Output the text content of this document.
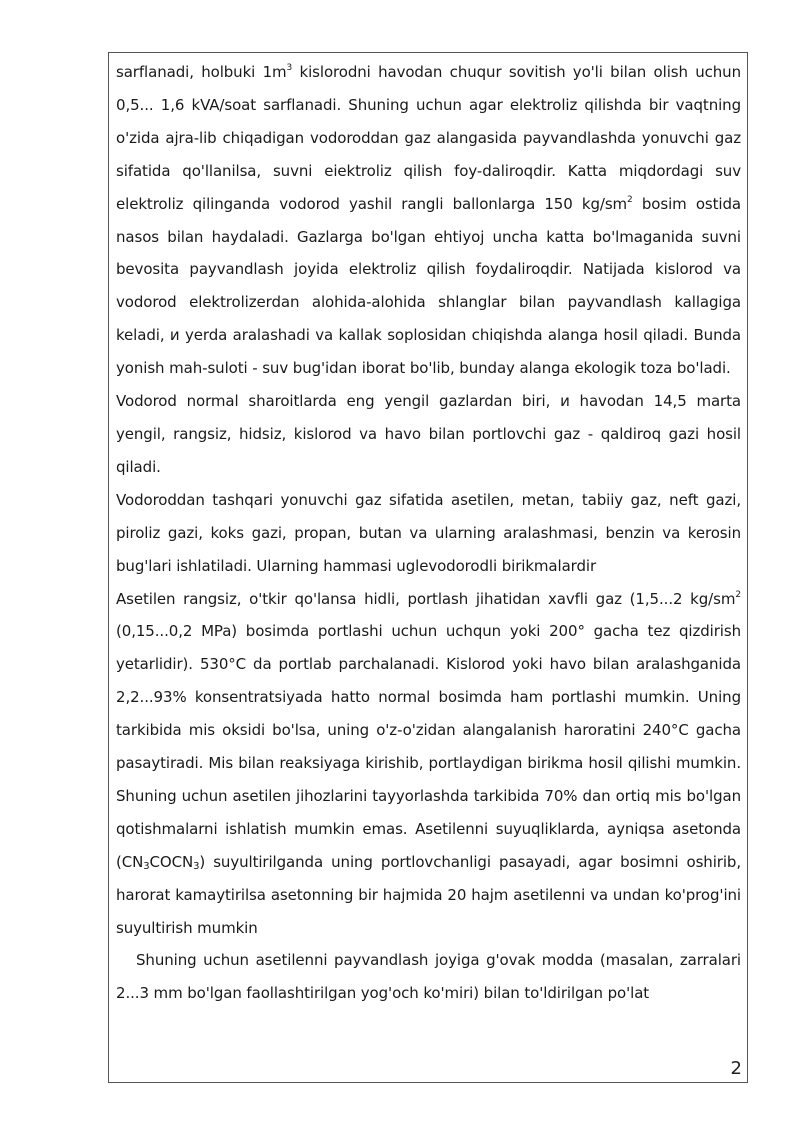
sarflanadi, holbuki $1m^3$ kislorodni havodan chuqur sovitish yo'li bilan olish uchun 0,5... 1,6 kVA/soat sarflanadi. Shuning uchun agar elektroliz qilishda bir vaqtning o'zida ajra-lib chiqadigan vodoroddan gaz alangasida payvandlashda yonuvchi gaz sifatida qo'llanilsa, suvni eiektroliz qilish foy-daliroqdir. Katta miqdordagi suv elektroliz qilinganda vodorod yashil rangli ballonlarga 150 $kg/sm^2$ bosim ostida nasos bilan haydaladi. Gazlarga bo'lgan ehtiyoj uncha katta bo'lmaganida suvni bevosita payvandlash joyida elektroliz qilish foydaliroqdir. Natijada kislorod va vodorod elektrolizerdan alohida-alohida shlanglar bilan payvandlash kallagiga keladi, и yerda aralashadi va kallak soplosidan chiqishda alanga hosil qiladi. Bunda yonish mah-suloti - suv bug'idan iborat bo'lib, bunday alanga ekologik toza bo'ladi.

Vodorod normal sharoitlarda eng yengil gazlardan biri, и havodan 14,5 marta yengil, rangsiz, hidsiz, kislorod va havo bilan portlovchi gaz - qaldiroq gazi hosil qiladi.

Vodoroddan tashqari yonuvchi gaz sifatida asetilen, metan, tabiiy gaz, neft gazi, piroliz gazi, koks gazi, propan, butan va ularning aralashmasi, benzin va kerosin bug'lari ishlatiladi. Ularning hammasi uglevodorodli birikmalardir

Asetilen rangsiz, o'tkir qo'lansa hidli, portlash jihatidan xavfli gaz (1,5...2 $kg/sm^2$ (0,15...0,2 MPa) bosimda portlashi uchun uchqun yoki 200° gacha tez qizdirish yetarlidir). 530°C da portlab parchalanadi. Kislorod yoki havo bilan aralashganida 2,2...93% konsentratsiyada hatto normal bosimda ham portlashi mumkin. Uning tarkibida mis oksidi bo'lsa, uning o'z-o'zidan alangalanish haroratini 240°C gacha pasaytiradi. Mis bilan reaksiyaga kirishib, portlaydigan birikma hosil qilishi mumkin. Shuning uchun asetilen jihozlarini tayyorlashda tarkibida 70% dan ortiq mis bo'lgan qotishmalarni ishlatish mumkin emas. Asetilenni suyuqliklarda, ayniqsa asetonda $(CN_3COCN_3)$ suyultirilganda uning portlovchanligi pasayadi, agar bosimni oshirib, harorat kamaytirilsa asetonning bir hajmida 20 hajm asetilenni va undan ko'prog'ini suyultirish mumkin

Shuning uchun asetilenni payvandlash joyiga g'ovak modda (masalan, zarralari 2...3 mm bo'lgan faollashtirilgan yog'och ko'miri) bilan to'ldirilgan po'lat

2
